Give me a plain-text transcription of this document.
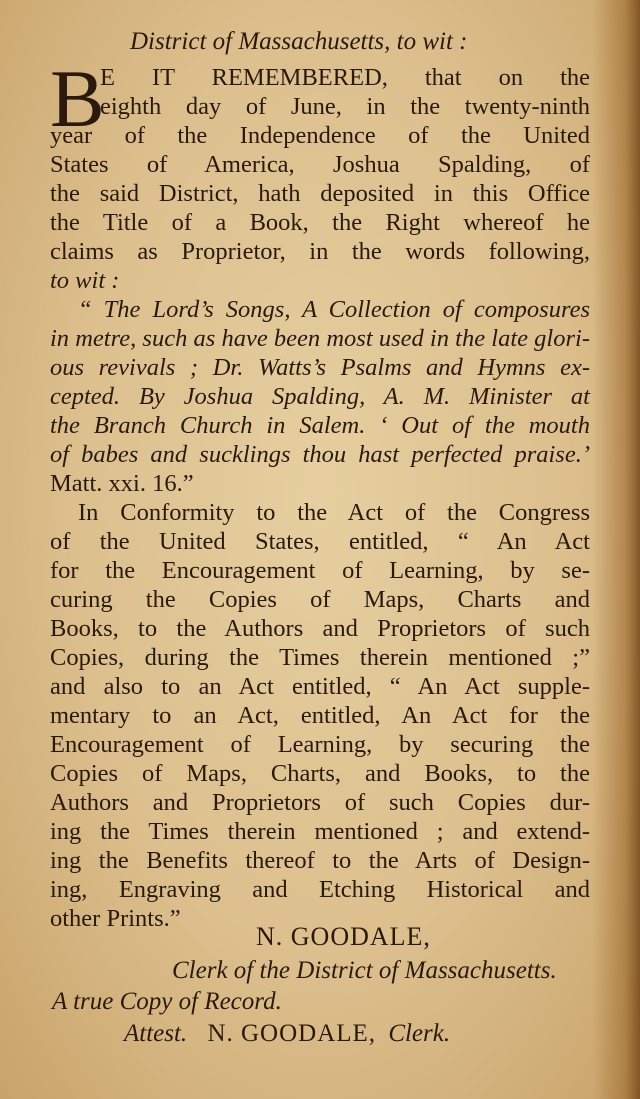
District of Massachusetts, to wit :
B
E IT REMEMBERED, that on the
eighth day of June, in the twenty-ninth
year of the Independence of the United
States of America, Joshua Spalding, of
the said District, hath deposited in this Office
the Title of a Book, the Right whereof he
claims as Proprietor, in the words following,
to wit :
“ The Lord’s Songs, A Collection of composures
in metre, such as have been most used in the late glori-
ous revivals ; Dr. Watts’s Psalms and Hymns ex-
cepted. By Joshua Spalding, A. M. Minister at
the Branch Church in Salem. ‘ Out of the mouth
of babes and sucklings thou hast perfected praise.’
Matt. xxi. 16.”
In Conformity to the Act of the Congress
of the United States, entitled, “ An Act
for the Encouragement of Learning, by se-
curing the Copies of Maps, Charts and
Books, to the Authors and Proprietors of such
Copies, during the Times therein mentioned ;”
and also to an Act entitled, “ An Act supple-
mentary to an Act, entitled, An Act for the
Encouragement of Learning, by securing the
Copies of Maps, Charts, and Books, to the
Authors and Proprietors of such Copies dur-
ing the Times therein mentioned ; and extend-
ing the Benefits thereof to the Arts of Design-
ing, Engraving and Etching Historical and
other Prints.”
N. GOODALE,
Clerk of the District of Massachusetts.
A true Copy of Record.
Attest. N. GOODALE, Clerk.
